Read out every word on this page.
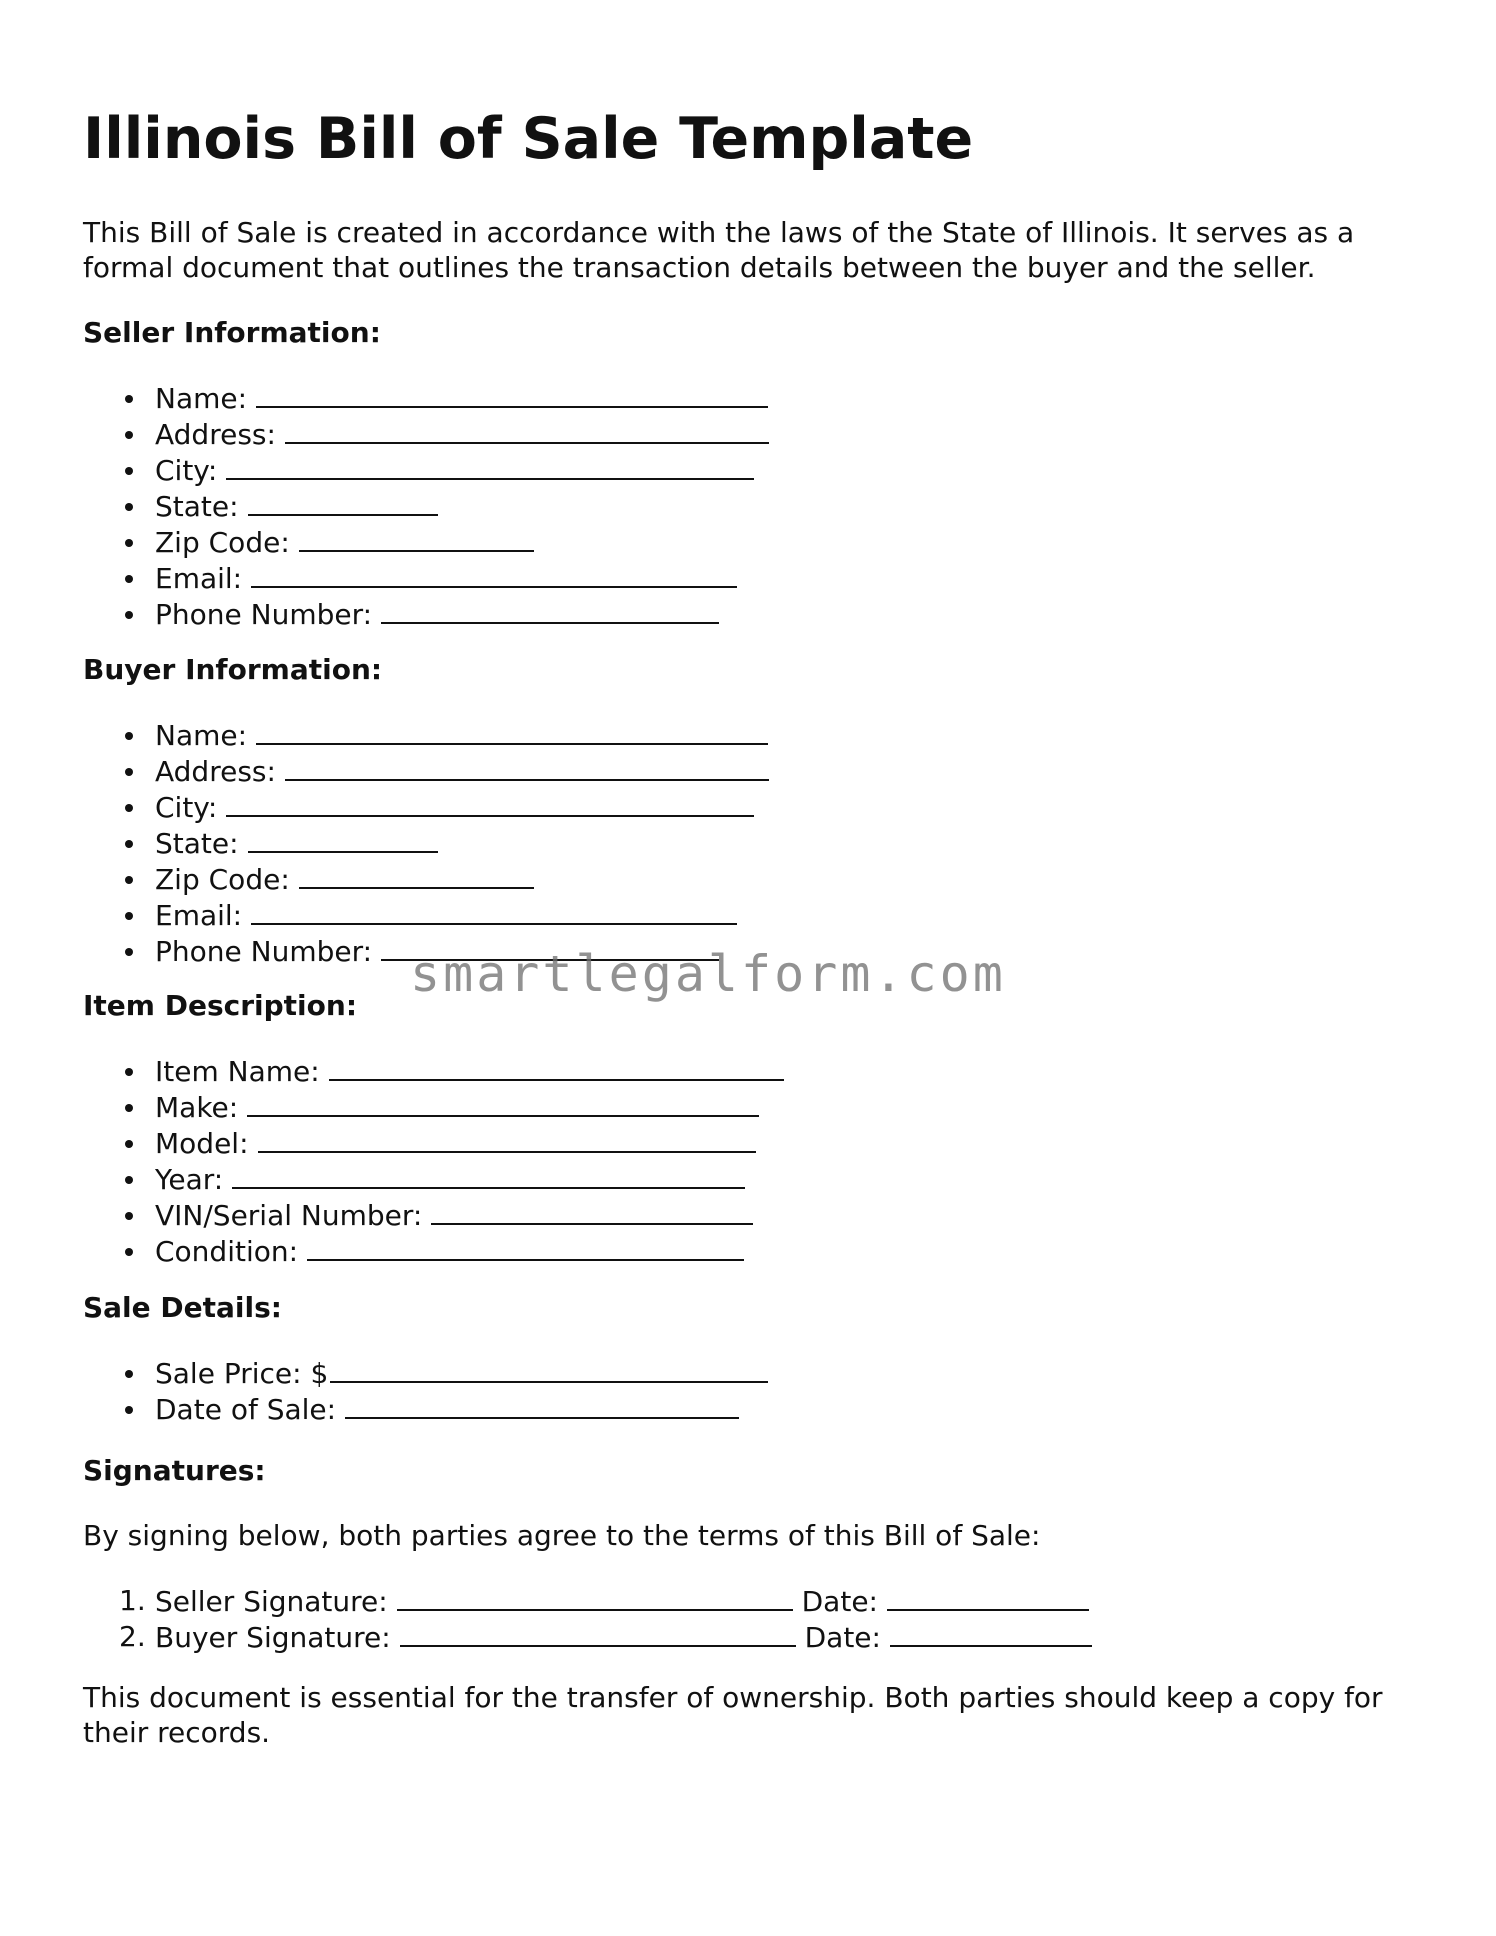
Illinois Bill of Sale Template

This Bill of Sale is created in accordance with the laws of the State of Illinois. It serves as a formal document that outlines the transaction details between the buyer and the seller.

Seller Information:
Name:
Address:
City:
State:
Zip Code:
Email:
Phone Number:
Buyer Information:
Name:
Address:
City:
State:
Zip Code:
Email:
Phone Number:
Item Description:
Item Name:
Make:
Model:
Year:
VIN/Serial Number:
Condition:
Sale Details:
Sale Price: $
Date of Sale:
Signatures:

By signing below, both parties agree to the terms of this Bill of Sale:

1. Seller Signature:	Date:
2. Buyer Signature:	Date:

This document is essential for the transfer of ownership. Both parties should keep a copy for their records.

smartlegalform.com
